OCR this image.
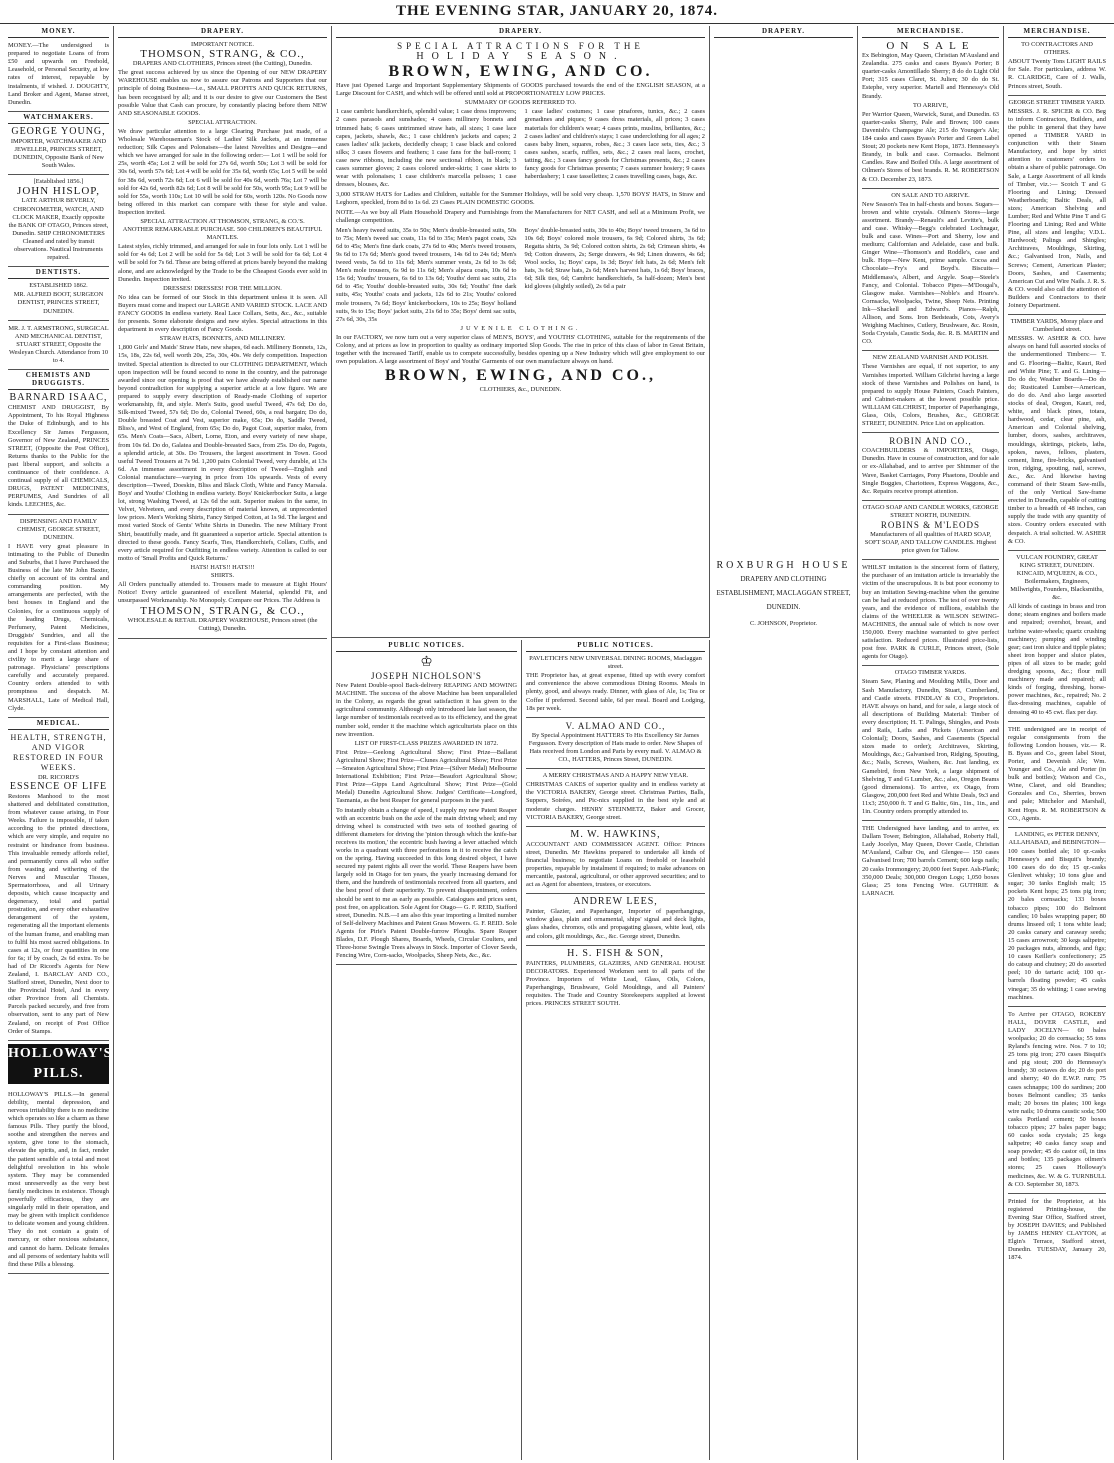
THE EVENING STAR, JANUARY 20, 1874.
MONEY.

MONEY.—The undersigned is prepared to negotiate Loans of from £50 and upwards on Freehold, Leasehold, or Personal Security, at low rates of interest, repayable by instalments, if wished. J. DOUGHTY, Land Broker and Agent, Manse street, Dunedin.

WATCHMAKERS.
GEORGE YOUNG,

IMPORTER, WATCHMAKER AND JEWELLER, PRINCES STREET, DUNEDIN, Opposite Bank of New South Wales.

[Established 1856.]
JOHN HISLOP,

LATE ARTHUR BEVERLY, CHRONOMETER, WATCH, AND CLOCK MAKER, Exactly opposite the BANK OF OTAGO, Princes street, Dunedin. SHIP CHRONOMETERS Cleaned and rated by transit observations. Nautical Instruments repaired.

DENTISTS.
ESTABLISHED 1862.

MR. ALFRED BOOT, SURGEON DENTIST, PRINCES STREET, DUNEDIN.

MR. J. T. ARMSTRONG, SURGICAL AND MECHANICAL DENTIST, STUART STREET, Opposite the Wesleyan Church. Attendance from 10 to 4.

CHEMISTS AND DRUGGISTS.
BARNARD ISAAC,

CHEMIST AND DRUGGIST, By Appointment, To his Royal Highness the Duke of Edinburgh, and to his Excellency Sir James Fergusson, Governor of New Zealand, PRINCES STREET, (Opposite the Post Office), Returns thanks to the Public for the past liberal support, and solicits a continuance of their confidence. A continual supply of all CHEMICALS, DRUGS, PATENT MEDICINES, PERFUMES, And Sundries of all kinds. LEECHES, &c.

DISPENSING AND FAMILY CHEMIST, GEORGE STREET, DUNEDIN.

I HAVE very great pleasure in intimating to the Public of Dunedin and Suburbs, that I have Purchased the Business of the late Mr John Baxter, chiefly on account of its central and commanding position. My arrangements are perfected, with the best houses in England and the Colonies, for a continuous supply of the leading Drugs, Chemicals, Perfumery, Patent Medicines, Druggists' Sundries, and all the requisites for a First-class Business; and I hope by constant attention and civility to merit a large share of patronage. Physicians' prescriptions carefully and accurately prepared. Country orders attended to with promptness and despatch. M. MARSHALL, Late of Medical Hall, Clyde.

MEDICAL.
HEALTH, STRENGTH, AND VIGOR RESTORED IN FOUR WEEKS.
DR. RICORD'S
ESSENCE OF LIFE

Restores Manhood to the most shattered and debilitated constitution, from whatever cause arising, in Four Weeks. Failure is impossible, if taken according to the printed directions, which are very simple, and require no restraint or hindrance from business. This invaluable remedy affords relief, and permanently cures all who suffer from wasting and withering of the Nerves and Muscular Tissues, Spermatorrhoea, and all Urinary deposits, which cause incapacity and degeneracy, total and partial prostration, and every other exhaustive derangement of the system, regenerating all the important elements of the human frame, and enabling man to fulfil his most sacred obligations. In cases at 12s, or four quantities in one for 6s; if by coach, 2s 6d extra. To be had of Dr Ricord's Agents for New Zealand, I. BARCLAY AND CO., Stafford street, Dunedin, Next door to the Provincial Hotel, And in every other Province from all Chemists. Parcels packed securely, and free from observation, sent to any part of New Zealand, on receipt of Post Office Order of Stamps.

HOLLOWAY'S PILLS.

HOLLOWAY'S PILLS.—In general debility, mental depression, and nervous irritability there is no medicine which operates so like a charm as these famous Pills. They purify the blood, soothe and strengthen the nerves and system, give tone to the stomach, elevate the spirits, and, in fact, render the patient sensible of a total and most delightful revolution in his whole system. They may be commended most unreservedly as the very best family medicines in existence. Though powerfully efficacious, they are singularly mild in their operation, and may be given with implicit confidence to delicate women and young children. They do not contain a grain of mercury, or other noxious substance, and cannot do harm. Delicate females and all persons of sedentary habits will find these Pills a blessing.

DRAPERY.
IMPORTANT NOTICE.
THOMSON, STRANG, & CO.,

DRAPERS AND CLOTHIERS, Princes street (the Cutting), Dunedin.

The great success achieved by us since the Opening of our NEW DRAPERY WAREHOUSE enables us now to assure our Patrons and Supporters that our principle of doing Business—i.e., SMALL PROFITS AND QUICK RETURNS, has been recognised by all; and it is our desire to give our Customers the Best possible Value that Cash can procure, by constantly placing before them NEW AND SEASONABLE GOODS.

SPECIAL ATTRACTION.

We draw particular attention to a large Clearing Purchase just made, of a Wholesale Warehouseman's Stock of Ladies' Silk Jackets, at an immense reduction; Silk Capes and Polonaises—the latest Novelties and Designs—and which we have arranged for sale in the following order:— Lot 1 will be sold for 25s, worth 45s; Lot 2 will be sold for 27s 6d, worth 50s; Lot 3 will be sold for 30s 6d, worth 57s 6d; Lot 4 will be sold for 35s 6d, worth 65s; Lot 5 will be sold for 38s 6d, worth 72s 6d; Lot 6 will be sold for 40s 6d, worth 76s; Lot 7 will be sold for 42s 6d, worth 82s 6d; Lot 8 will be sold for 50s, worth 95s; Lot 9 will be sold for 55s, worth 110s; Lot 10 will be sold for 60s, worth 120s. No Goods now being offered in this market can compare with these for style and value. Inspection invited.

SPECIAL ATTRACTION AT THOMSON, STRANG, & CO.'S.
ANOTHER REMARKABLE PURCHASE. 500 CHILDREN'S BEAUTIFUL MANTLES.

Latest styles, richly trimmed, and arranged for sale in four lots only. Lot 1 will be sold for 4s 6d; Lot 2 will be sold for 5s 6d; Lot 3 will be sold for 6s 6d; Lot 4 will be sold for 7s 6d. These are being offered at prices barely beyond the making alone, and are acknowledged by the Trade to be the Cheapest Goods ever sold in Dunedin. Inspection invited.

DRESSES! DRESSES! FOR THE MILLION.

No idea can be formed of our Stock in this department unless it is seen. All Buyers must come and inspect our LARGE AND VARIED STOCK. LACE AND FANCY GOODS In endless variety. Real Lace Collars, Setts, &c., &c., suitable for presents. Some elaborate designs and new styles. Special attractions in this department in every description of Fancy Goods.

STRAW HATS, BONNETS, AND MILLINERY.

1,800 Girls' and Maids' Straw Hats, new shapes, 6d each. Millinery Bonnets, 12s, 15s, 18s, 22s 6d, well worth 20s, 25s, 30s, 40s. We defy competition. Inspection invited. Special attention is directed to our CLOTHING DEPARTMENT, Which upon inspection will be found second to none in the country, and the patronage awarded since our opening is proof that we have already established our name beyond contradiction for supplying a superior article at a low figure. We are prepared to supply every description of Ready-made Clothing of superior workmanship, fit, and style. Men's Suits, good useful Tweed, 47s 6d; Do do, Silk-mixed Tweed, 57s 6d; Do do, Colonial Tweed, 60s, a real bargain; Do do, Double breasted Coat and Vest, superior make, 65s; Do do, Saddle Tweed, Bliss's, and West of England, from 65s; Do do, Pagot Coat, superior make, from 65s. Men's Coats—Sacs, Albert, Lorne, Eton, and every variety of new shape, from 10s 6d. Do do, Galatea and Double-breasted Sacs, from 25s. Do do, Pagots, a splendid article, at 30s. Do Trousers, the largest assortment in Town. Good useful Tweed Trousers at 7s 9d. 1,200 pairs Colonial Tweed, very durable, at 13s 6d. An immense assortment in every description of Tweed—English and Colonial manufacture—varying in price from 10s upwards. Vests of every description—Tweed, Doeskin, Bliss and Black Cloth, White and Fancy Marsala. Boys' and Youths' Clothing in endless variety. Boys' Knickerbocker Suits, a large lot, strong Washing Tweed, at 12s 6d the suit. Superior makes in the same, in Velvet, Velveteen, and every description of material known, at unprecedented low prices. Men's Working Shirts, Fancy Striped Cotton, at 1s 9d. The largest and most varied Stock of Gents' White Shirts in Dunedin. The new Military Front Shirt, beautifully made, and fit guaranteed a superior article. Special attention is directed to these goods. Fancy Scarfs, Ties, Handkerchiefs, Collars, Cuffs, and every article required for Outfitting in endless variety. Attention is called to our motto of 'Small Profits and Quick Returns.'

HATS! HATS!! HATS!!!
SHIRTS.

All Orders punctually attended to. Trousers made to measure at Eight Hours' Notice! Every article guaranteed of excellent Material, splendid Fit, and unsurpassed Workmanship. No Monopoly. Compare our Prices. The Address is

THOMSON, STRANG, & CO.,

WHOLESALE & RETAIL DRAPERY WAREHOUSE, Princes street (the Cutting), Dunedin.

DRAPERY.
SPECIAL ATTRACTIONS FOR THE
HOLIDAY SEASON.
BROWN, EWING, AND CO.

Have just Opened Large and Important Supplementary Shipments of GOODS purchased towards the end of the ENGLISH SEASON, at a Large Discount for CASH, and which will be offered until sold at PROPORTIONATELY LOW PRICES.

SUMMARY OF GOODS REFERRED TO.

1 case cambric handkerchiefs, splendid value; 1 case dress improvers; 2 cases parasols and sunshades; 4 cases millinery bonnets and trimmed hats; 6 cases untrimmed straw hats, all sizes; 1 case lace capes, jackets, shawls, &c.; 1 case children's jackets and capes; 2 cases ladies' silk jackets, decidedly cheap; 1 case black and colored silks; 3 cases flowers and feathers; 1 case fans for the ball-room; 1 case new ribbons, including the new sectional ribbon, in black; 3 cases summer gloves; 2 cases colored under-skirts; 1 case skirts to wear with polonaises; 1 case children's marcella pelisses; 1 case dresses, blouses, &c.

1 case ladies' costumes; 1 case pinafores, tunics, &c.; 2 cases grenadines and piques; 9 cases dress materials, all prices; 3 cases materials for children's wear; 4 cases prints, muslins, brilliantes, &c.; 2 cases ladies' and children's stays; 1 case underclothing for all ages; 2 cases baby linen, squares, robes, &c.; 3 cases lace sets, ties, &c.; 3 cases sashes, scarfs, ruffles, sets, &c.; 2 cases real laces, crochet, tatting, &c.; 3 cases fancy goods for Christmas presents, &c.; 2 cases fancy goods for Christmas presents; 7 cases summer hosiery; 9 cases haberdashery; 1 case tassellettes; 2 cases travelling cases, bags, &c.

3,000 STRAW HATS for Ladies and Children, suitable for the Summer Holidays, will be sold very cheap. 1,570 BOYS' HATS, in Straw and Leghorn, speckled, from 8d to 1s 6d. 23 Cases PLAIN DOMESTIC GOODS.

NOTE.—As we buy all Plain Household Drapery and Furnishings from the Manufacturers for NET CASH, and sell at a Minimum Profit, we challenge competition.

Men's heavy tweed suits, 35s to 50s; Men's double-breasted suits, 50s to 75s; Men's tweed sac coats, 11s 6d to 35s; Men's pagot coats, 32s 6d to 45s; Men's fine dark coats, 27s 6d to 40s; Men's tweed trousers, 9s 6d to 17s 6d; Men's good tweed trousers, 14s 6d to 24s 6d; Men's tweed vests, 5s 6d to 11s 6d; Men's summer vests, 2s 6d to 3s 6d; Men's mole trousers, 6s 9d to 11s 6d; Men's alpaca coats, 10s 6d to 15s 6d; Youths' trousers, 6s 6d to 13s 6d; Youths' demi sac suits, 21s 6d to 45s; Youths' double-breasted suits, 30s 6d; Youths' fine dark suits, 45s; Youths' coats and jackets, 12s 6d to 21s; Youths' colored mole trousers, 7s 6d; Boys' knickerbockers, 10s to 25s; Boys' holland suits, 9s to 15s; Boys' jacket suits, 21s 6d to 35s; Boys' demi sac suits, 27s 6d, 30s, 35s

Boys' double-breasted suits, 30s to 40s; Boys' tweed trousers, 3s 6d to 10s 6d; Boys' colored mole trousers, 6s 9d; Colored shirts, 3s 6d; Regatta shirts, 3s 9d; Colored cotton shirts, 2s 6d; Crimean shirts, 4s 9d; Cotton drawers, 2s; Serge drawers, 4s 9d; Linen drawers, 4s 6d; Wool socks, 1s; Boys' caps, 1s 3d; Boys' felt hats, 2s 6d; Men's felt hats, 3s 6d; Straw hats, 2s 6d; Men's harvest hats, 1s 6d; Boys' braces, 6d; Silk ties, 6d; Cambric handkerchiefs, 5s half-dozen; Men's best kid gloves (slightly soiled), 2s 6d a pair

JUVENILE CLOTHING.

In our FACTORY, we now turn out a very superior class of MEN'S, BOYS', and YOUTHS' CLOTHING, suitable for the requirements of the Colony, and at prices as low in proportion to quality as ordinary imported Slop Goods. The rise in price of this class of labor in Great Britain, together with the increased Tariff, enable us to compete successfully, besides opening up a New Industry which will give employment to our own population. A large assortment of Boys' and Youths' Garments of our own manufacture always on hand.

BROWN, EWING, AND CO.,

CLOTHIERS, &c., DUNEDIN.

PUBLIC NOTICES.
♔
JOSEPH NICHOLSON'S

New Patent Double-spool Back-delivery REAPING AND MOWING MACHINE. The success of the above Machine has been unparalleled in the Colony, as regards the great satisfaction it has given to the agricultural community. Although only introduced late last season, the large number of testimonials received as to its efficiency, and the great number sold, render it the machine which agriculturists place on this new invention.

LIST OF FIRST-CLASS PRIZES AWARDED IN 1872.

First Prize—Geelong Agricultural Show; First Prize—Ballarat Agricultural Show; First Prize—Clunes Agricultural Show; First Prize—Smeaton Agricultural Show; First Prize—(Silver Medal) Melbourne International Exhibition; First Prize—Beaufort Agricultural Show; First Prize—Gipps Land Agricultural Show; First Prize—(Gold Medal) Dunedin Agricultural Show. Judges' Certificate—Longford, Tasmania, as the best Reaper for general purposes in the yard.

To instantly obtain a change of speed, I supply my new Patent Reaper with an eccentric bush on the axle of the main driving wheel; and my driving wheel is constructed with two sets of toothed gearing of different diameters for driving the 'pinion through which the knife-bar receives its motion,' the eccentric bush having a lever attached which works in a quadrant with three perforations in it to receive the catch on the spring. Having succeeded in this long desired object, I have secured my patent rights all over the world. These Reapers have been largely sold in Otago for ten years, the yearly increasing demand for them, and the hundreds of testimonials received from all quarters, and the best proof of their superiority. To prevent disappointment, orders should be sent to me as early as possible. Catalogues and prices sent, post free, on application. Sole Agent for Otago— G. F. REID, Stafford street, Dunedin. N.B.—I am also this year importing a limited number of Self-delivery Machines and Patent Grass Mowers. G. F. REID. Sole Agents for Pirie's Patent Double-furrow Ploughs. Spare Reaper Blades, D.F. Plough Shares, Boards, Wheels, Circular Coulters, and Three-horse Swingle Trees always in Stock. Importer of Clover Seeds, Fencing Wire, Corn-sacks, Woolpacks, Sheep Nets, &c., &c.

PUBLIC NOTICES.
PAVLETICH'S NEW UNIVERSAL DINING ROOMS, Maclaggan street.

THE Proprietor has, at great expense, fitted up with every comfort and convenience the above commodious Dining Rooms. Meals in plenty, good, and always ready. Dinner, with glass of Ale, 1s; Tea or Coffee if preferred. Second table, 6d per meal. Board and Lodging, 18s per week.

V. ALMAO AND CO.,

By Special Appointment HATTERS To His Excellency Sir James Fergusson. Every description of Hats made to order. New Shapes of Hats received from London and Paris by every mail. V. ALMAO & CO., HATTERS, Princes Street, DUNEDIN.

A MERRY CHRISTMAS AND A HAPPY NEW YEAR.

CHRISTMAS CAKES of superior quality and in endless variety at the VICTORIA BAKERY, George street. Christmas Parties, Balls, Suppers, Soirées, and Pic-nics supplied in the best style and at moderate charges. HENRY STEINMETZ, Baker and Grocer, VICTORIA BAKERY, George street.

M. W. HAWKINS,

ACCOUNTANT AND COMMISSION AGENT. Office: Princes street, Dunedin. Mr Hawkins prepared to undertake all kinds of financial business; to negotiate Loans on freehold or leasehold properties, repayable by instalment if required; to make advances on mercantile, pastoral, agricultural, or other approved securities; and to act as Agent for absentees, trustees, or executors.

ANDREW LEES,

Painter, Glazier, and Paperhanger, Importer of paperhangings, window glass, plain and ornamental, ships' signal and deck lights, glass shades, chromos, oils and propagating glasses, white lead, oils and colors, gilt mouldings, &c., &c. George street, Dunedin.

H. S. FISH & SON,

PAINTERS, PLUMBERS, GLAZIERS, AND GENERAL HOUSE DECORATORS. Experienced Workmen sent to all parts of the Province. Importers of White Lead, Glass, Oils, Colors, Paperhangings, Brushware, Gold Mouldings, and all Painters' requisites. The Trade and Country Storekeepers supplied at lowest prices. PRINCES STREET SOUTH.

DRAPERY.
ROXBURGH HOUSE

DRAPERY AND CLOTHING ESTABLISHMENT, MACLAGGAN STREET, DUNEDIN.

C. JOHNSON, Proprietor.

MERCHANDISE.
ON SALE

Ex Bebington, May Queen, Christian M'Ausland and Zealandia. 275 casks and cases Byass's Porter; 8 quarter-casks Amontillado Sherry; 8 do do Light Old Port; 315 cases Claret, St. Julien; 30 do do St. Estephe, very superior. Martell and Hennessy's Old Brandy.

TO ARRIVE,

Per Warrior Queen, Warwick, Surat, and Dunedin. 63 quarter-casks Sherry, Pale and Brown; 100 cases Davenish's Champagne Ale; 215 do Younger's Ale; 184 casks and cases Byass's Porter and Green Label Stout; 20 pockets new Kent Hops, 1873. Hennessey's Brandy, in bulk and case. Cornsacks. Belmont Candles. Raw and Boiled Oils. A large assortment of Oilmen's Stores of best brands. R. M. ROBERTSON & CO. December 23, 1873.

ON SALE AND TO ARRIVE.

New Season's Tea in half-chests and boxes. Sugars—brown and white crystals. Oilmen's Stores—large assortment. Brandy—Renault's and Levitte's, bulk and case. Whisky—Begg's celebrated Lochnagar, bulk and case. Wines—Port and Sherry, low and medium; Californian and Adelaide, case and bulk. Ginger Wine—Thomson's and Roddle's, case and bulk. Hops—New Kent, prime sample. Cocoa and Chocolate—Fry's and Boyd's. Biscuits—Middlemass's, Albert, and Argyle. Soap—Steele's Fancy, and Colonial. Tobacco Pipes—M'Dougal's, Glasgow make. Varnishes—Noble's and Hoare's. Cornsacks, Woolpacks, Twine, Sheep Nets. Printing Ink—Shackell and Edward's. Pianos—Ralph, Allison, and Sons. Iron Bedsteads, Cots, Avery's Weighing Machines, Cutlery, Brushware, &c. Rosin, Soda Crystals, Caustic Soda, &c. R. B. MARTIN and CO.

NEW ZEALAND VARNISH AND POLISH.

These Varnishes are equal, if not superior, to any Varnishes imported. William Gilchrist having a large stock of these Varnishes and Polishes on hand, is prepared to supply House Painters, Coach Painters, and Cabinet-makers at the lowest possible price. WILLIAM GILCHRIST, Importer of Paperhangings, Glass, Oils, Colors, Brushes, &c., GEORGE STREET, DUNEDIN. Price List on application.

ROBIN AND CO.,

COACHBUILDERS & IMPORTERS, Otago, Dunedin. Have in course of construction, and for sale or ex-Allahabad, and to arrive per Shimmer of the Wave, Basket Carriages, Pony Phaetons, Double and Single Buggies, Chariottees, Express Waggons, &c., &c. Repairs receive prompt attention.

OTAGO SOAP AND CANDLE WORKS, GEORGE STREET NORTH, DUNEDIN.
ROBINS & M'LEODS

Manufacturers of all qualities of HARD SOAP, SOFT SOAP, AND TALLOW CANDLES. Highest price given for Tallow.

WHILST imitation is the sincerest form of flattery, the purchaser of an imitation article is invariably the victim of the unscrupulous. It is but poor economy to buy an imitation Sewing-machine when the genuine can be had at reduced prices. The test of over twenty years, and the evidence of millions, establish the claims of the WHEELER & WILSON SEWING-MACHINES, the annual sale of which is now over 150,000. Every machine warranted to give perfect satisfaction. Reduced prices. Illustrated price-lists, post free. PARK & CURLE, Princes street, (Sole agents for Otago).

OTAGO TIMBER YARDS.

Steam Saw, Planing and Moulding Mills, Door and Sash Manufactory, Dunedin, Stuart, Cumberland, and Castle streets. FINDLAY & CO., Proprietors. HAVE always on hand, and for sale, a large stock of all descriptions of Building Material: Timber of every description; H. T. Palings, Shingles, and Posts and Rails, Laths and Pickets (American and Colonial); Doors, Sashes, and Casements (Special sizes made to order); Architraves, Skirting, Mouldings, &c.; Galvanised Iron, Ridging, Spouting, &c.; Nails, Screws, Washers, &c. Just landing, ex Gamebird, from New York, a large shipment of Shelving, T and G Lumber, &c.; also, Oregon Beams (good dimensions). To arrive, ex Otago, from Glasgow, 200,000 feet Red and White Deals, 9x3 and 11x3; 250,000 ft. T and G Baltic, 6in., 1in., 1in., and 1in. Country orders promptly attended to.

THE Undersigned have landing, and to arrive, ex Dallam Tower, Bebington, Allahabad, Roberty Hall, Lady Jocelyn, May Queen, Dover Castle, Christian M'Ausland, Calbur Ou, and Glengee— 150 cases Galvanised Iron; 700 barrels Cement; 600 kegs nails; 20 casks Ironmongery; 20,000 feet Super. Ash-Plank; 350,000 Deals; 300,000 Oregon Logs; 1,050 boxes Glass; 25 tons Fencing Wire. GUTHRIE & LARNACH.

MERCHANDISE.
TO CONTRACTORS AND OTHERS.

ABOUT Twenty Tons LIGHT RAILS for Sale. For particulars, address W. R. CLARIDGE, Care of J. Walls, Princes street, South.

GEORGE STREET TIMBER YARD.

MESSRS. J. R. SPICER & CO. Beg to inform Contractors, Builders, and the public in general that they have opened a TIMBER YARD in conjunction with their Steam Manufactory, and hope by strict attention to customers' orders to obtain a share of public patronage. On Sale, a Large Assortment of all kinds of Timber, viz.:— Scotch T and G Flooring and Lining; Dressed Weatherboards; Baltic Deals, all sizes; American Shelving and Lumber; Red and White Pine T and G Flooring and Lining; Red and White Pine, all sizes and lengths; V.D.L. Hardwood; Palings and Shingles; Architraves, Mouldings, Skirting, &c.; Galvanised Iron, Nails, and Screws; Cement, American Plaster; Doors, Sashes, and Casements; American Cut and Wire Nails. J. R. S. & CO. would also call the attention of Builders and Contractors to their Joinery Department.

TIMBER YARDS, Moray place and Cumberland street.

MESSRS. W. ASHER & CO. have always on hand full assorted stocks of the undermentioned Timbers:— T. and G. Flooring—Baltic, Kauri, Red and White Pine; T. and G. Lining—Do do do; Weather Boards—Do do do; Rusticated Lumber—American, do do do. And also large assorted stocks of deal, Oregon, Kauri, red, white, and black pines, totara, hardwood, cedar, clear pine, ash, American and Colonial shelving, lumber, doors, sashes, architraves, mouldings, skirtings, pickets, laths, spokes, naves, felloes, plasters, cement, lime, fire-bricks, galvanised iron, ridging, spouting, nail, screws, &c., &c. And likewise having command of their Steam Saw-mills, of the only Vertical Saw-frame erected in Dunedin, capable of cutting timber to a breadth of 48 inches, can supply the trade with any quantity of sizes. Country orders executed with despatch. A trial solicited. W. ASHER & CO.

VULCAN FOUNDRY, GREAT KING STREET, DUNEDIN.
KINCAID, M'QUEEN, & CO., Boilermakers, Engineers, Millwrights, Founders, Blacksmiths, &c.

All kinds of castings in brass and iron done; steam engines and boilers made and repaired; overshot, breast, and turbine water-wheels; quartz crushing machinery; pumping and winding gear; cast iron sluice and tipple plates; sheet iron hopper and sluice plates, pipes of all sizes to be made; gold dredging spoons, &c.; flour mill machinery made and repaired; all kinds of forging, threshing, horse-power machines, &c., repaired; No. 2 flax-dressing machines, capable of dressing 40 to 45 cwt. flax per day.

THE undersigned are in receipt of regular consignments from the following London houses, viz.— R. B. Byass and Co., green label Stout, Porter, and Devenish Ale; Wm. Younger and Co., Ale and Porter (in bulk and bottles); Watson and Co., Wine, Claret, and old Brandies; Gonzales and Co., Sherries, brown and pale; Mitchelor and Marshall, Kent Hops. R. M. ROBERTSON & CO., Agents.

LANDING, ex PETER DENNY, ALLAHABAD, and BEBINGTON—

100 cases bottled ale; 10 qr.-casks Hennessey's and Bisquit's brandy; 100 cases do do do; 15 qr.-casks Glenlivet whisky; 10 tons glue and sugar; 30 tanks English malt; 15 pockets Kent hops; 25 tons pig iron; 20 bales cornsacks; 133 boxes tobacco pipes; 100 do Belmont candles; 10 bales wrapping paper; 80 drums linseed oil; 1 tons white lead; 20 casks canary and caraway seeds; 15 cases arrowroot; 30 kegs saltpetre; 20 packages nuts, almonds, and figs; 10 cases Keiller's confectionery; 25 do catsup and chutney; 20 do assorted peel; 10 do tartaric acid; 100 qr.-barrels floating powder; 45 casks vinegar; 35 do whiting; 1 case sewing machines.

To Arrive per OTAGO, ROKEBY HALL, DOVER CASTLE, and LADY JOCELYN— 60 bales woolpacks; 20 do cornsacks; 55 tons Ryland's fencing wire. Nos. 7 to 10; 25 tons pig iron; 270 cases Bisquit's and pig stout; 200 do Hennessy's brandy; 30 octaves do do; 20 do port and sherry; 40 do E.W.P. rum; 75 cases schnapps; 100 do sardines; 200 boxes Belmont candles; 35 tanks malt; 20 boxes tin plates; 100 kegs wire nails; 10 drums caustic soda; 500 casks Portland cement; 50 boxes tobacco pipes; 27 bales paper bags; 60 casks soda crystals; 25 kegs saltpetre; 40 casks fancy soap and soap powder; 45 do castor oil, in tins and bottles; 135 packages oilmen's stores; 25 cases Holloway's medicines, &c. W. & G. TURNBULL & CO. September 30, 1873.

Printed for the Proprietor, at his registered Printing-house, the Evening Star Office, Stafford street, by JOSEPH DAVIES; and Published by JAMES HENRY CLAYTON, at Elgin's Terrace, Stafford street, Dunedin. TUESDAY, January 20, 1874.
